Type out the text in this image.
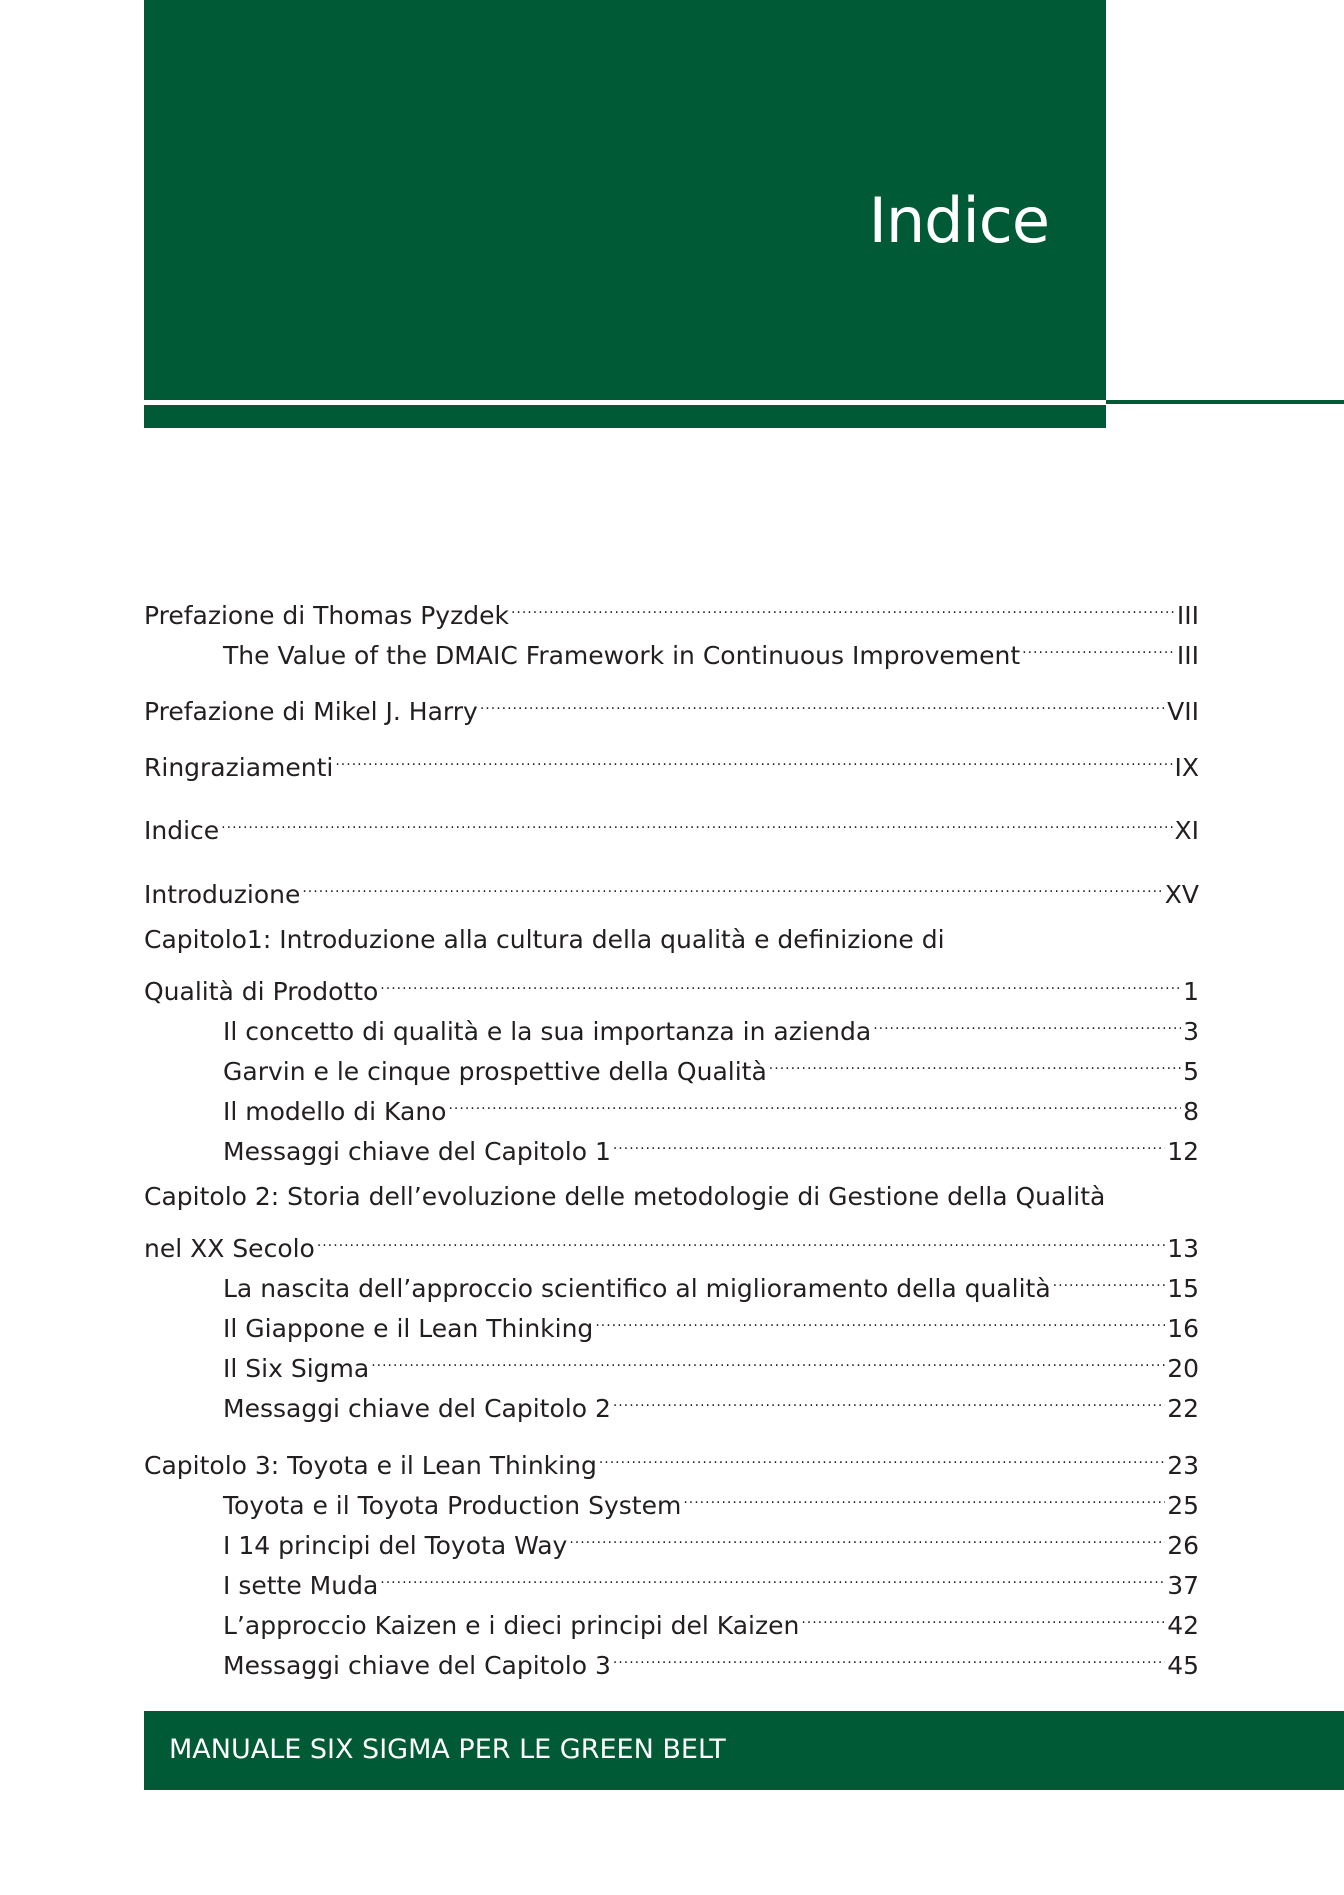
Indice
Prefazione di Thomas Pyzdek .....	III
The Value of the DMAIC Framework in Continuous Improvement .....	III
Prefazione di Mikel J. Harry .....	VII
Ringraziamenti .....	IX
Indice .....	XI
Introduzione .....	XV
Capitolo1: Introduzione alla cultura della qualità e definizione di
Qualità di Prodotto .....	1
Il concetto di qualità e la sua importanza in azienda .....	3
Garvin e le cinque prospettive della Qualità .....	5
Il modello di Kano .....	8
Messaggi chiave del Capitolo 1 .....	12
Capitolo 2: Storia dell’evoluzione delle metodologie di Gestione della Qualità
nel XX Secolo .....	13
La nascita dell’approccio scientifico al miglioramento della qualità .....	15
Il Giappone e il Lean Thinking .....	16
Il Six Sigma .....	20
Messaggi chiave del Capitolo 2 .....	22
Capitolo 3: Toyota e il Lean Thinking .....	23
Toyota e il Toyota Production System .....	25
I 14 principi del Toyota Way .....	26
I sette Muda .....	37
L’approccio Kaizen e i dieci principi del Kaizen .....	42
Messaggi chiave del Capitolo 3 .....	45
MANUALE SIX SIGMA PER LE GREEN BELT
